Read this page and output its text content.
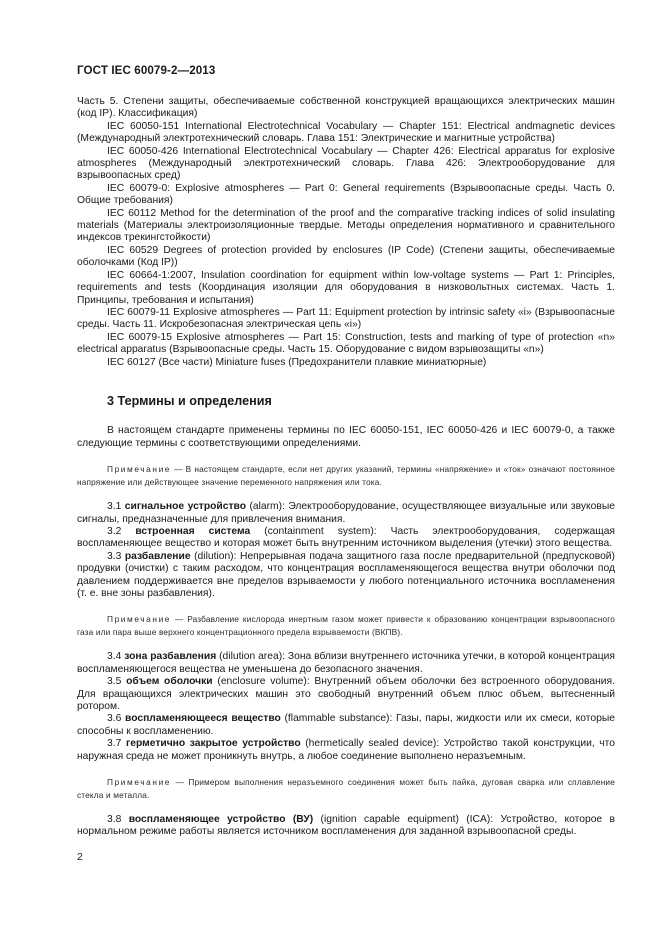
ГОСТ IEC 60079-2—2013

Часть 5. Степени защиты, обеспечиваемые собственной конструкцией вращающихся электрических машин (код IP). Классификация)

IEC 60050-151 International Electrotechnical Vocabulary — Chapter 151: Electrical andmagnetic devices (Международный электротехнический словарь. Глава 151: Электрические и магнитные устройства)

IEC 60050-426 International Electrotechnical Vocabulary — Chapter 426: Electrical apparatus for explosive atmospheres (Международный электротехнический словарь. Глава 426: Электрооборудование для взрывоопасных сред)

IEC 60079-0: Explosive atmospheres — Part 0: General requirements (Взрывоопасные среды. Часть 0. Общие требования)

IEC 60112 Method for the determination of the proof and the comparative tracking indices of solid insulating materials (Материалы электроизоляционные твердые. Методы определения нормативного и сравнительного индексов трекингстойкости)

IEC 60529 Degrees of protection provided by enclosures (IP Code) (Степени защиты, обеспечиваемые оболочками (Код IP))

IEC 60664-1:2007, Insulation coordination for equipment within low-voltage systems — Part 1: Principles, requirements and tests (Координация изоляции для оборудования в низковольтных системах. Часть 1. Принципы, требования и испытания)

IEC 60079-11 Explosive atmospheres — Part 11: Equipment protection by intrinsic safety «i» (Взрывоопасные среды. Часть 11. Искробезопасная электрическая цепь «i»)

IEC 60079-15 Explosive atmospheres — Part 15: Construction, tests and marking of type of protection «n» electrical apparatus (Взрывоопасные среды. Часть 15. Оборудование с видом взрывозащиты «n»)

IEC 60127 (Все части) Miniature fuses (Предохранители плавкие миниатюрные)

3 Термины и определения

В настоящем стандарте применены термины по IEC 60050-151, IEC 60050-426 и IEC 60079-0, а также следующие термины с соответствующими определениями.

Примечание — В настоящем стандарте, если нет других указаний, термины «напряжение» и «ток» означают постоянное напряжение или действующее значение переменного напряжения или тока.

3.1 сигнальное устройство (alarm): Электрооборудование, осуществляющее визуальные или звуковые сигналы, предназначенные для привлечения внимания.

3.2 встроенная система (containment system): Часть электрооборудования, содержащая воспламеняющее вещество и которая может быть внутренним источником выделения (утечки) этого вещества.

3.3 разбавление (dilution): Непрерывная подача защитного газа после предварительной (предпусковой) продувки (очистки) с таким расходом, что концентрация воспламеняющегося вещества внутри оболочки под давлением поддерживается вне пределов взрываемости у любого потенциального источника воспламенения (т. е. вне зоны разбавления).

Примечание — Разбавление кислорода инертным газом может привести к образованию концентрации взрывоопасного газа или пара выше верхнего концентрационного предела взрываемости (ВКПВ).

3.4 зона разбавления (dilution area): Зона вблизи внутреннего источника утечки, в которой концентрация воспламеняющегося вещества не уменьшена до безопасного значения.

3.5 объем оболочки (enclosure volume): Внутренний объем оболочки без встроенного оборудования. Для вращающихся электрических машин это свободный внутренний объем плюс объем, вытесненный ротором.

3.6 воспламеняющееся вещество (flammable substance): Газы, пары, жидкости или их смеси, которые способны к воспламенению.

3.7 герметично закрытое устройство (hermetically sealed device): Устройство такой конструкции, что наружная среда не может проникнуть внутрь, а любое соединение выполнено неразъемным.

Примечание — Примером выполнения неразъемного соединения может быть пайка, дуговая сварка или сплавление стекла и металла.

3.8 воспламеняющее устройство (ВУ) (ignition capable equipment) (ICA): Устройство, которое в нормальном режиме работы является источником воспламенения для заданной взрывоопасной среды.

2
